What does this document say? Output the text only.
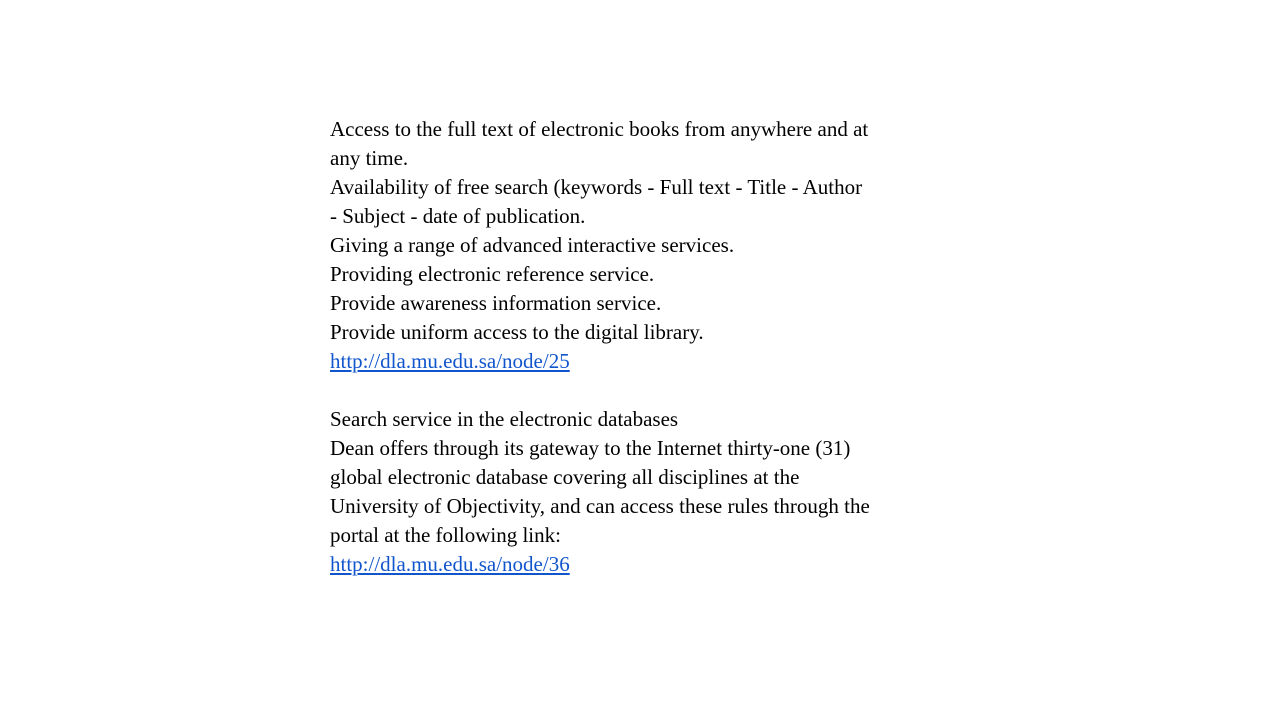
Access to the full text of electronic books from anywhere and at
any time.
Availability of free search (keywords - Full text - Title - Author
- Subject - date of publication.
Giving a range of advanced interactive services.
Providing electronic reference service.
Provide awareness information service.
Provide uniform access to the digital library.
http://dla.mu.edu.sa/node/25
Search service in the electronic databases
Dean offers through its gateway to the Internet thirty-one (31)
global electronic database covering all disciplines at the
University of Objectivity, and can access these rules through the
portal at the following link:
http://dla.mu.edu.sa/node/36
